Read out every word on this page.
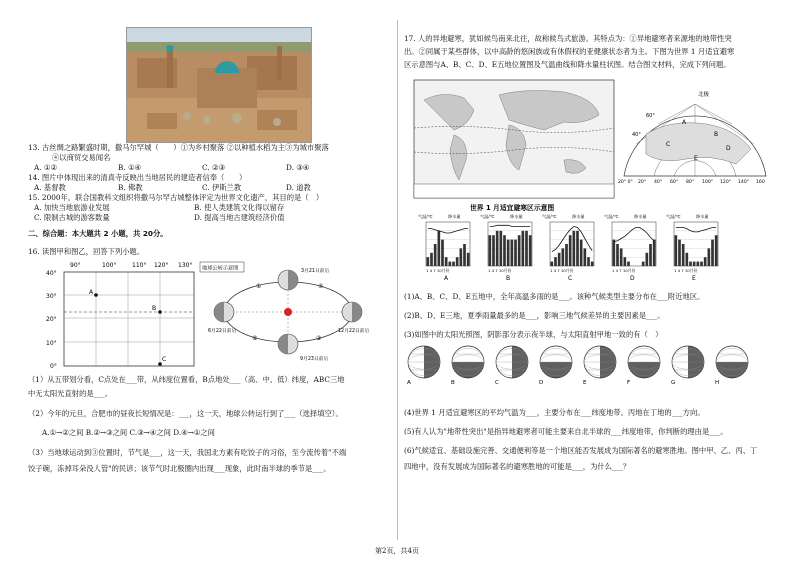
13. 古丝绸之路繁盛时期，撒马尔罕城（　　）①为乡村聚落 ②以种植水稻为主③为城市聚落

④以商贸交易闻名

A. ①②	B. ①④	C. ②③	D. ③④

14. 图片中体现出来的清真寺反映出当地居民的建造者信奉（　　）

A. 基督教	B. 佛教	C. 伊斯兰教	D. 道教

15. 2000年，联合国教科文组织将撒马尔罕古城整体评定为世界文化遗产，其目的是（　）

A. 加快当地旅游业发展	B. 使人类建筑文化得以留存

C. 限制古城的游客数量	D. 提高当地古建筑经济价值

二、综合题：本大题共 2 小题，共 20分。

16. 读图甲和图乙，回答下列小题。

90°	100°	110° 120° 130°
40°
30°
20°
10°
0°
A
B
C
地球公转示意图	3月21日前后
6月22日前后
9月23日前后
12月22日前后
①
②	③
④

（1）从五带划分看，C点处在___带，从纬度位置看，B点地处___（高、中、低）纬度，ABC三地

中无太阳光直射的是___。

（2）今年的元旦，合肥市的昼夜长短情况是：___，这一天，地球公转运行到了___（选择填空）。

A.①→②之间 B.②→③之间 C.③→④之间 D.④→①之间

（3）当地球运动到③位置时，节气是___，这一天，我国北方素有吃饺子的习俗，至今流传着"不端

饺子碗，冻掉耳朵没人管"的民谚；该节气时北极圈内出现___现象，此时南半球的季节是___。

17. 人的异地避寒，犹如候鸟南来北往，故称候鸟式旅游。其特点为：①异地避寒者来源地的地带性突

出。②同属于某些群体，以中高龄的悠闲族或有休假权的亚健康状态者为主。下图为世界 1 月适宜避寒

区示意图与A、B、C、D、E五地位置图及气温曲线和降水量柱状图。结合图文材料，完成下列问题。

世界 1 月适宜避寒区示意图
北极
60°
40°
A
B
C
D
E
20° 0° 20° 40° 60° 80° 100° 120° 140° 160
气温/℃	降水量
1 4 7 10月份
A
气温/℃	降水量
1 4 7 10月份
B
气温/℃	降水量
1 4 7 10月份
C
气温/℃	降水量
1 4 7 10月份
D
气温/℃	降水量
1 4 7 10月份
E

(1)A、B、C、D、E五地中，全年高温多雨的是___。该种气候类型主要分布在___附近地区。

(2)B、D、E三地，夏季雨量最多的是___，影响三地气候差异的主要因素是___。

(3)如图中的太阳光照图，阴影部分表示夜半球，与太阳直射甲地一致的有（　）

A	B	C	D	E	F	G	H

(4)世界 1 月适宜避寒区的平均气温为___，主要分布在___纬度地带。丙地在丁地的___方向。

(5)有人认为"地带性突出"是指异地避寒者可能主要来自北半球的___纬度地带，你判断的理由是___。

(6)气候适宜、基础设施完善、交通便利等是一个地区能否发展成为国际著名的避寒胜地。图中甲、乙、丙、丁

四地中，没有发展成为国际著名的避寒胜地的可能是___，为什么___？

第2页，共4页
